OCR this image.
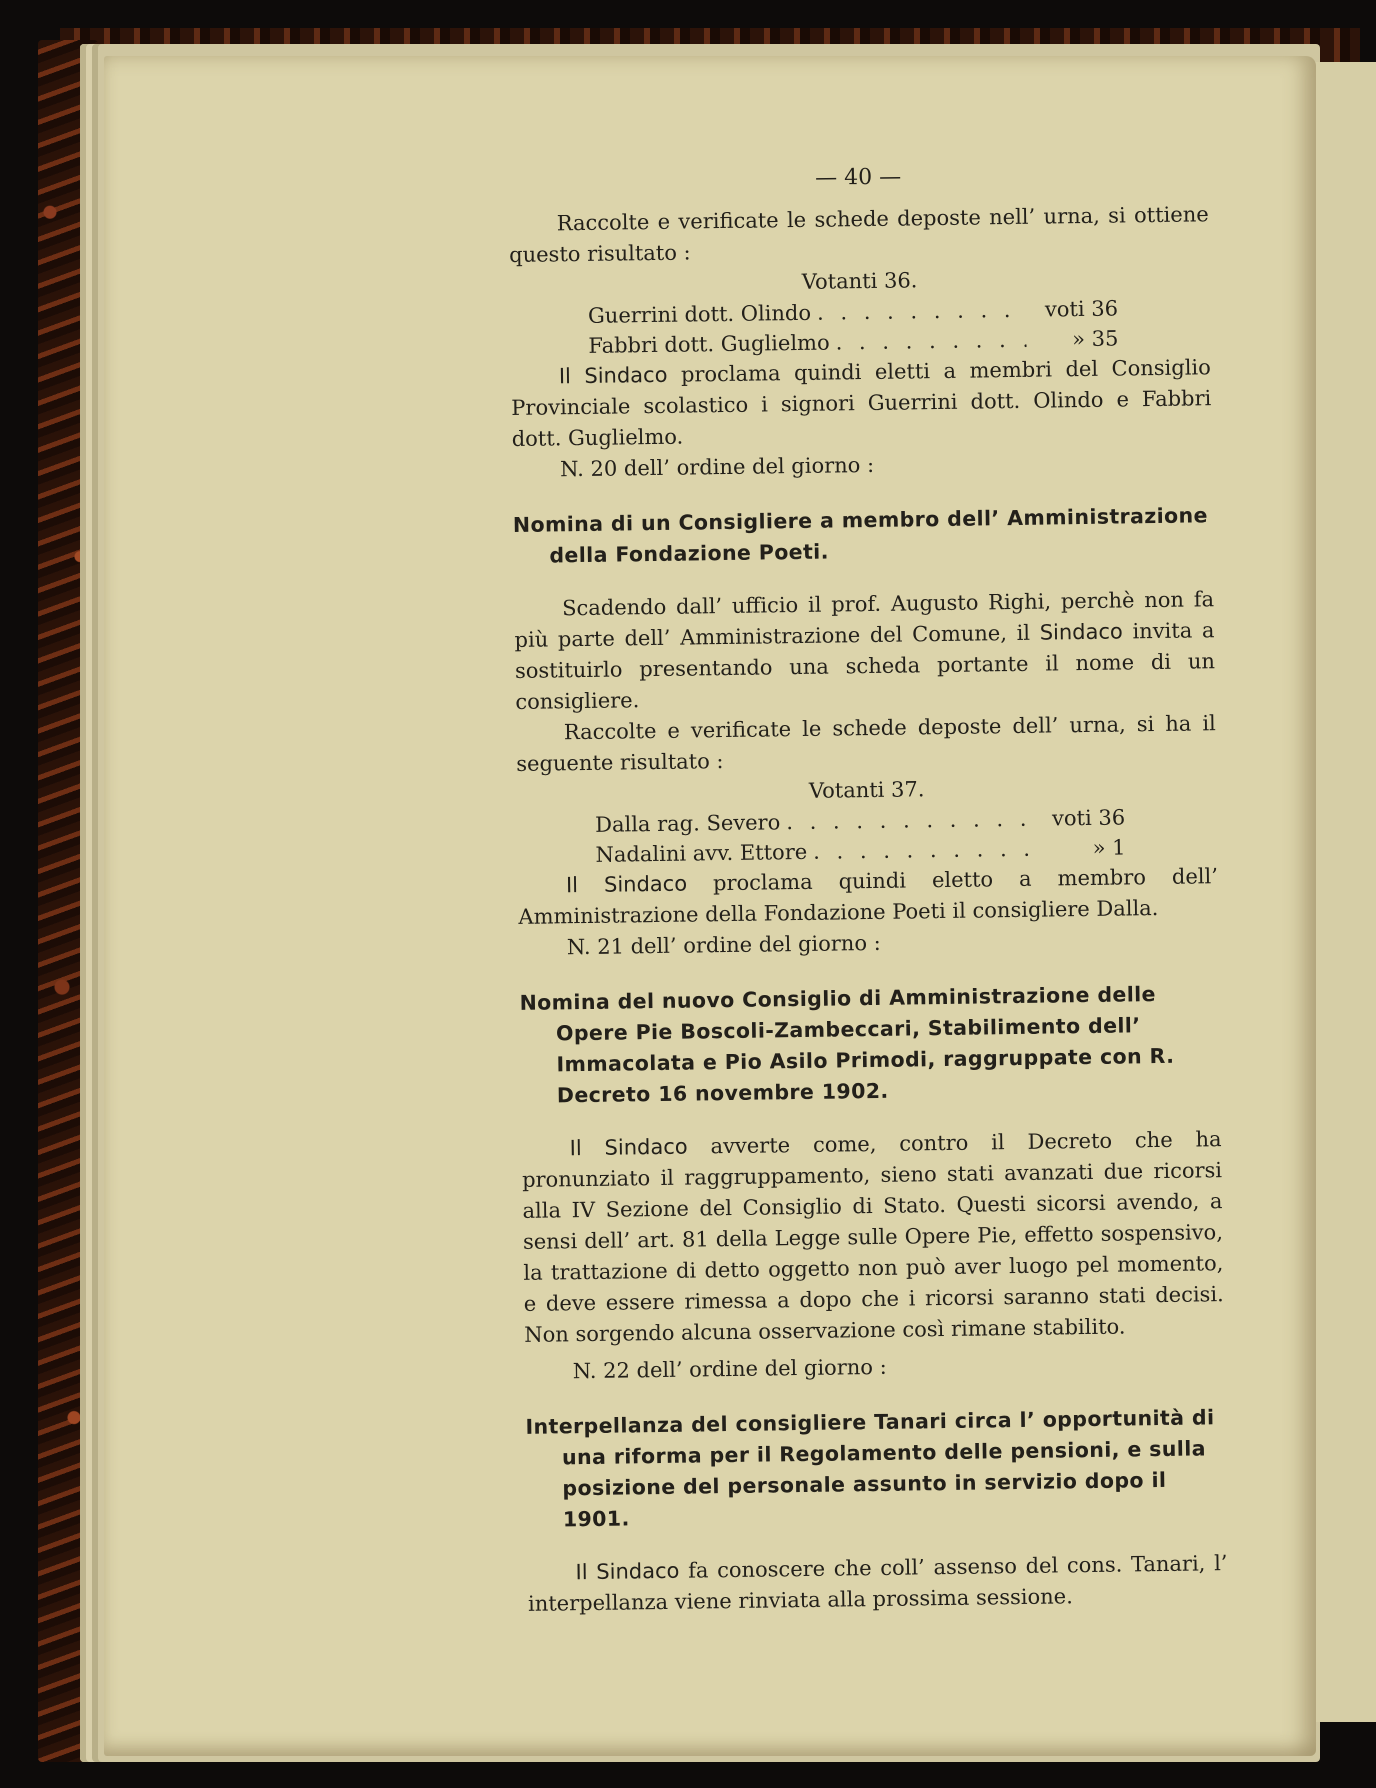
— 40 —

Raccolte e verificate le schede deposte nell’ urna, si ottiene questo risultato :

Votanti 36.

Guerrini dott. Olindo . . .	voti 36
Fabbri dott. Guglielmo . . .	» 35

Il Sindaco proclama quindi eletti a membri del Consiglio Provinciale scolastico i signori Guerrini dott. Olindo e Fabbri dott. Guglielmo.

N. 20 dell’ ordine del giorno :

Nomina di un Consigliere a membro dell’ Amministrazione della Fondazione Poeti.

Scadendo dall’ ufficio il prof. Augusto Righi, perchè non fa più parte dell’ Amministrazione del Comune, il Sindaco invita a sostituirlo presentando una scheda portante il nome di un consigliere.

Raccolte e verificate le schede deposte dell’ urna, si ha il seguente risultato :

Votanti 37.

Dalla rag. Severo . . .	voti 36
Nadalini avv. Ettore . . .	» 1

Il Sindaco proclama quindi eletto a membro dell’ Amministrazione della Fondazione Poeti il consigliere Dalla.

N. 21 dell’ ordine del giorno :

Nomina del nuovo Consiglio di Amministrazione delle Opere Pie Boscoli-Zambeccari, Stabilimento dell’ Immacolata e Pio Asilo Primodi, raggruppate con R. Decreto 16 novembre 1902.

Il Sindaco avverte come, contro il Decreto che ha pronunziato il raggruppamento, sieno stati avanzati due ricorsi alla IV Sezione del Consiglio di Stato. Questi sicorsi avendo, a sensi dell’ art. 81 della Legge sulle Opere Pie, effetto sospensivo, la trattazione di detto oggetto non può aver luogo pel momento, e deve essere rimessa a dopo che i ricorsi saranno stati decisi. Non sorgendo alcuna osservazione così rimane stabilito.

N. 22 dell’ ordine del giorno :

Interpellanza del consigliere Tanari circa l’ opportunità di una riforma per il Regolamento delle pensioni, e sulla posizione del personale assunto in servizio dopo il 1901.

Il Sindaco fa conoscere che coll’ assenso del cons. Tanari, l’ interpellanza viene rinviata alla prossima sessione.
